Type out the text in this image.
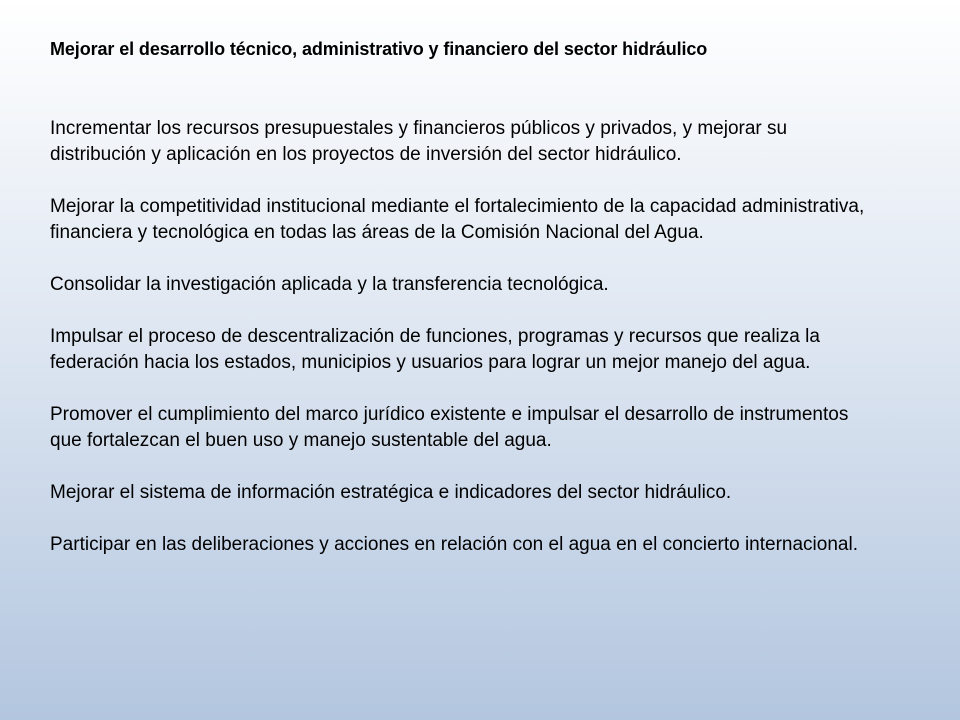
Mejorar el desarrollo técnico, administrativo y financiero del sector hidráulico

Incrementar los recursos presupuestales y financieros públicos y privados, y mejorar su distribución y aplicación en los proyectos de inversión del sector hidráulico.

Mejorar la competitividad institucional mediante el fortalecimiento de la capacidad administrativa, financiera y tecnológica en todas las áreas de la Comisión Nacional del Agua.

Consolidar la investigación aplicada y la transferencia tecnológica.

Impulsar el proceso de descentralización de funciones, programas y recursos que realiza la federación hacia los estados, municipios y usuarios para lograr un mejor manejo del agua.

Promover el cumplimiento del marco jurídico existente e impulsar el desarrollo de instrumentos que fortalezcan el buen uso y manejo sustentable del agua.

Mejorar el sistema de información estratégica e indicadores del sector hidráulico.

Participar en las deliberaciones y acciones en relación con el agua en el concierto internacional.
